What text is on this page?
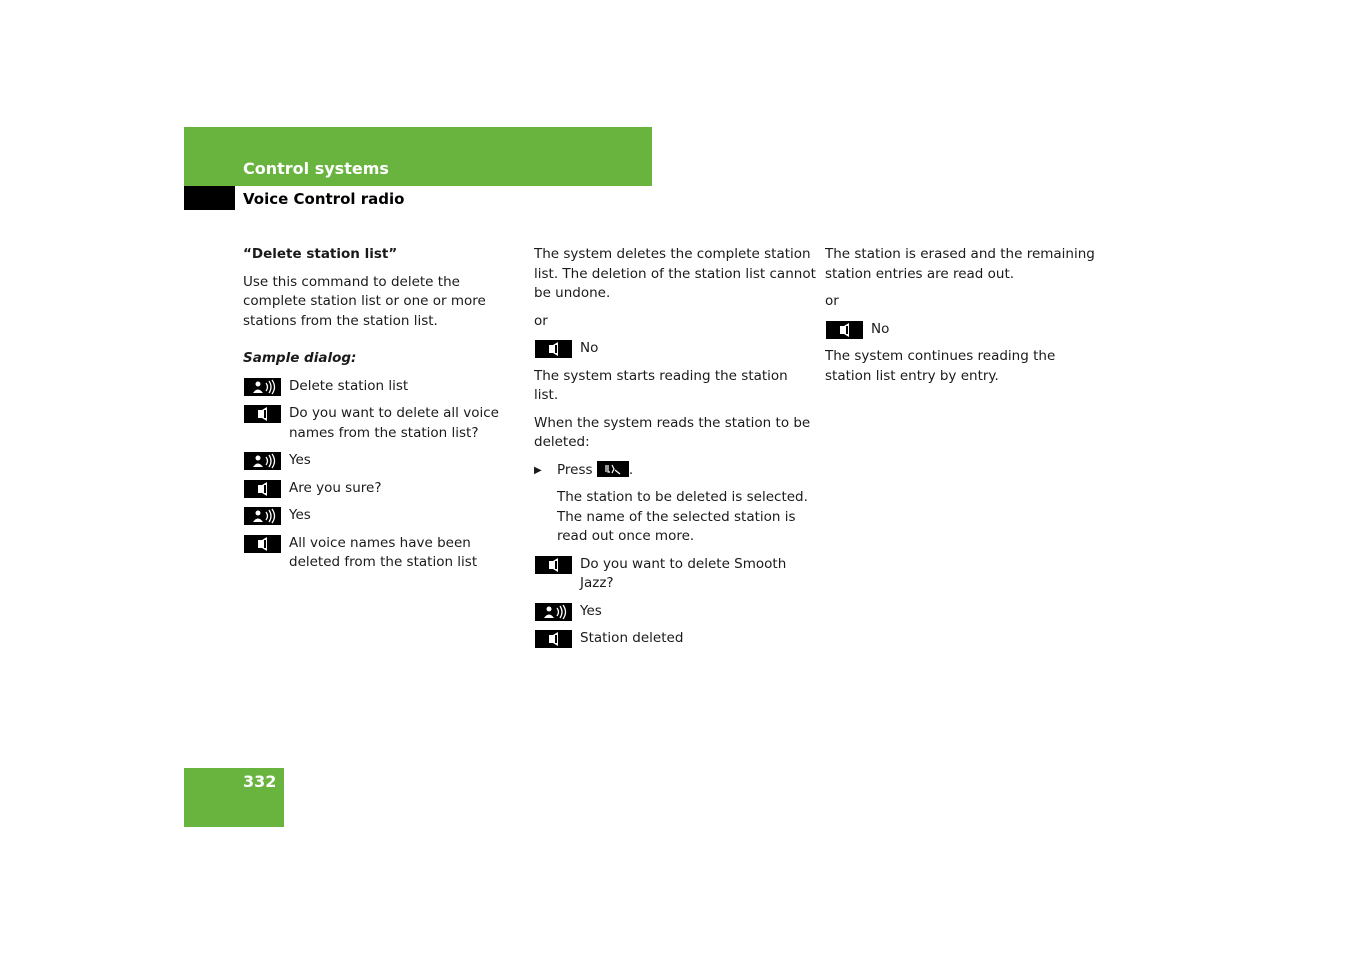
Control systems
Voice Control radio

“Delete station list”

Use this command to delete the complete station list or one or more stations from the station list.

Sample dialog:

Delete station list
Do you want to delete all voice names from the station list?
Yes
Are you sure?
Yes
All voice names have been deleted from the station list

The system deletes the complete station list. The deletion of the station list cannot be undone.

or

No

The system starts reading the station list.

When the system reads the station to be deleted:

▶	Press	.

The station to be deleted is selected. The name of the selected station is read out once more.

Do you want to delete Smooth Jazz?
Yes
Station deleted

The station is erased and the remaining station entries are read out.

or

No

The system continues reading the station list entry by entry.

332
